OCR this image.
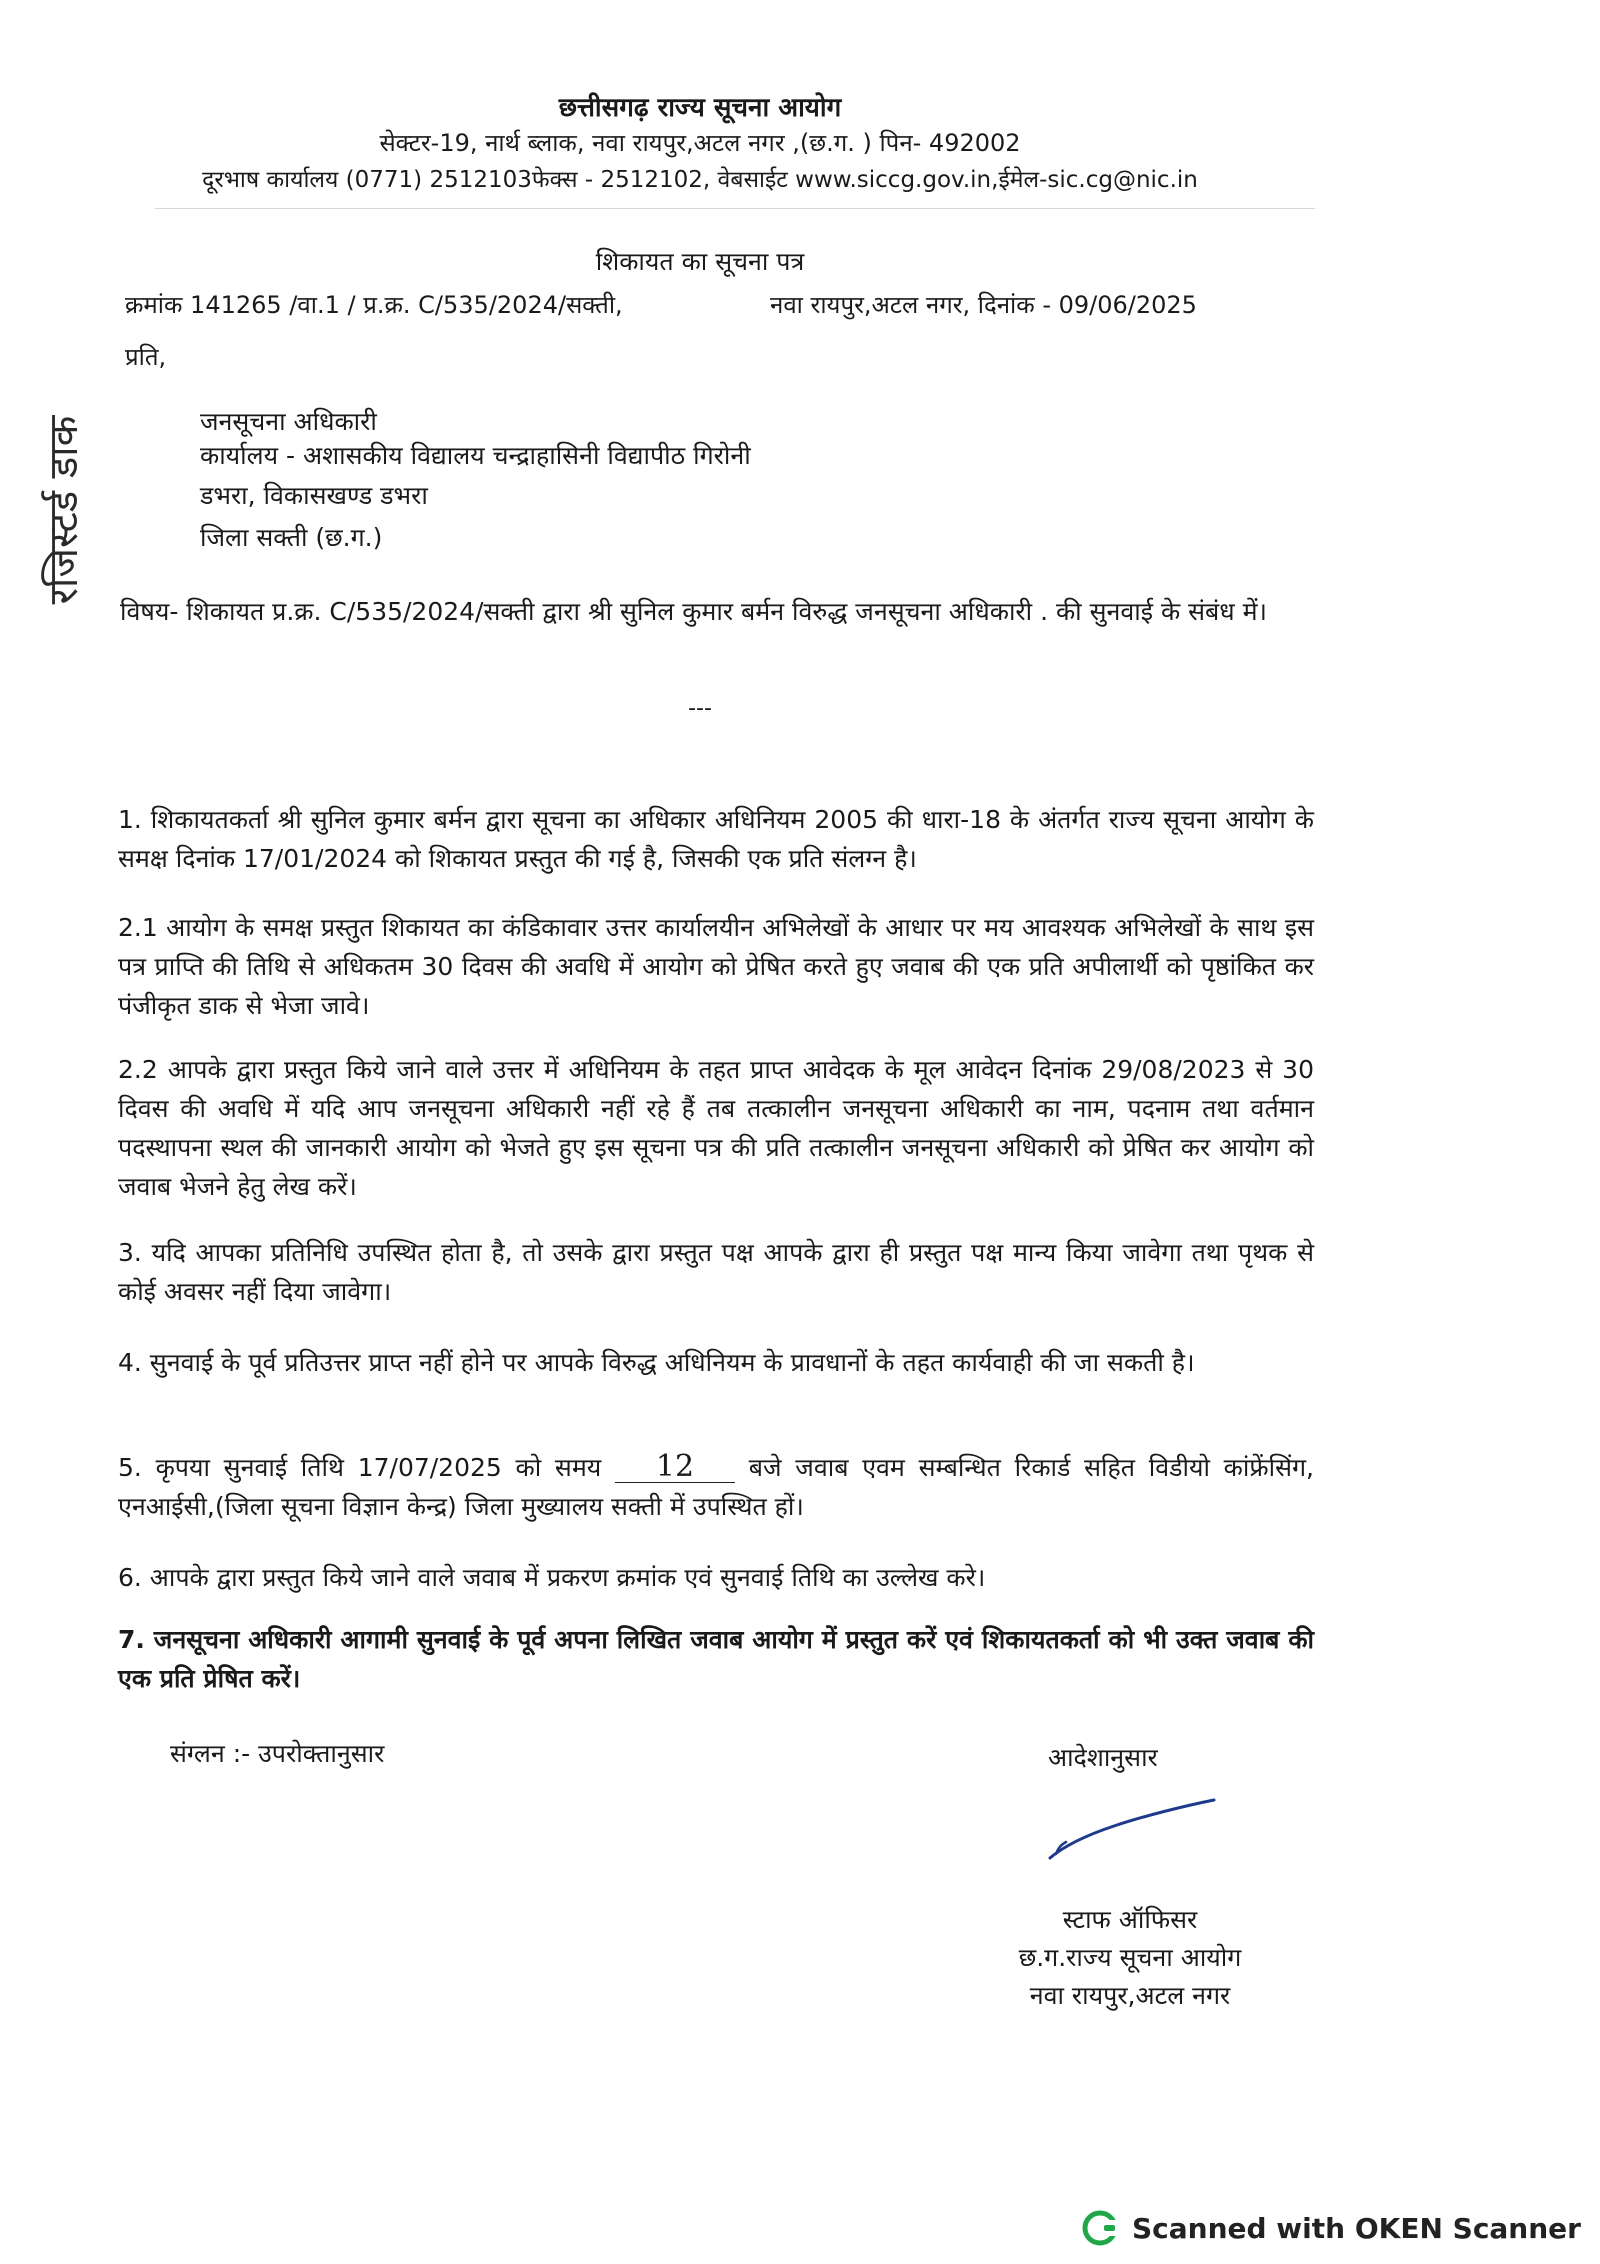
छत्तीसगढ़ राज्य सूचना आयोग
सेक्टर-19, नार्थ ब्लाक, नवा रायपुर,अटल नगर ,(छ.ग. ) पिन- 492002
दूरभाष कार्यालय (0771) 2512103फेक्स - 2512102, वेबसाईट www.siccg.gov.in,ईमेल-sic.cg@nic.in
शिकायत का सूचना पत्र
क्रमांक 141265 /वा.1 / प्र.क्र. C/535/2024/सक्ती,	नवा रायपुर,अटल नगर, दिनांक - 09/06/2025
प्रति,
रजिस्टर्ड डाक	जनसूचना अधिकारी
कार्यालय - अशासकीय विद्यालय चन्द्राहासिनी विद्यापीठ गिरोनी
डभरा, विकासखण्ड डभरा
जिला सक्ती (छ.ग.)
विषय- शिकायत प्र.क्र. C/535/2024/सक्ती द्वारा श्री सुनिल कुमार बर्मन विरुद्ध जनसूचना अधिकारी . की सुनवाई के संबंध में।
---
1. शिकायतकर्ता श्री सुनिल कुमार बर्मन द्वारा सूचना का अधिकार अधिनियम 2005 की धारा-18 के अंतर्गत राज्य सूचना आयोग के समक्ष दिनांक 17/01/2024 को शिकायत प्रस्तुत की गई है, जिसकी एक प्रति संलग्न है।
2.1 आयोग के समक्ष प्रस्तुत शिकायत का कंडिकावार उत्तर कार्यालयीन अभिलेखों के आधार पर मय आवश्यक अभिलेखों के साथ इस पत्र प्राप्ति की तिथि से अधिकतम 30 दिवस की अवधि में आयोग को प्रेषित करते हुए जवाब की एक प्रति अपीलार्थी को पृष्ठांकित कर पंजीकृत डाक से भेजा जावे।
2.2 आपके द्वारा प्रस्तुत किये जाने वाले उत्तर में अधिनियम के तहत प्राप्त आवेदक के मूल आवेदन दिनांक 29/08/2023 से 30 दिवस की अवधि में यदि आप जनसूचना अधिकारी नहीं रहे हैं तब तत्कालीन जनसूचना अधिकारी का नाम, पदनाम तथा वर्तमान पदस्थापना स्थल की जानकारी आयोग को भेजते हुए इस सूचना पत्र की प्रति तत्कालीन जनसूचना अधिकारी को प्रेषित कर आयोग को जवाब भेजने हेतु लेख करें।
3. यदि आपका प्रतिनिधि उपस्थित होता है, तो उसके द्वारा प्रस्तुत पक्ष आपके द्वारा ही प्रस्तुत पक्ष मान्य किया जावेगा तथा पृथक से कोई अवसर नहीं दिया जावेगा।
4. सुनवाई के पूर्व प्रतिउत्तर प्राप्त नहीं होने पर आपके विरुद्ध अधिनियम के प्रावधानों के तहत कार्यवाही की जा सकती है।
5. कृपया सुनवाई तिथि 17/07/2025 को समय 12 बजे जवाब एवम सम्बन्धित रिकार्ड सहित विडीयो कांफ्रेंसिंग, एनआईसी,(जिला सूचना विज्ञान केन्द्र) जिला मुख्यालय सक्ती में उपस्थित हों।
6. आपके द्वारा प्रस्तुत किये जाने वाले जवाब में प्रकरण क्रमांक एवं सुनवाई तिथि का उल्लेख करे।
7. जनसूचना अधिकारी आगामी सुनवाई के पूर्व अपना लिखित जवाब आयोग में प्रस्तुत करें एवं शिकायतकर्ता को भी उक्त जवाब की एक प्रति प्रेषित करें।
संग्लन :- उपरोक्तानुसार	आदेशानुसार
स्टाफ ऑफिसर
छ.ग.राज्य सूचना आयोग
नवा रायपुर,अटल नगर
Scanned with OKEN Scanner
